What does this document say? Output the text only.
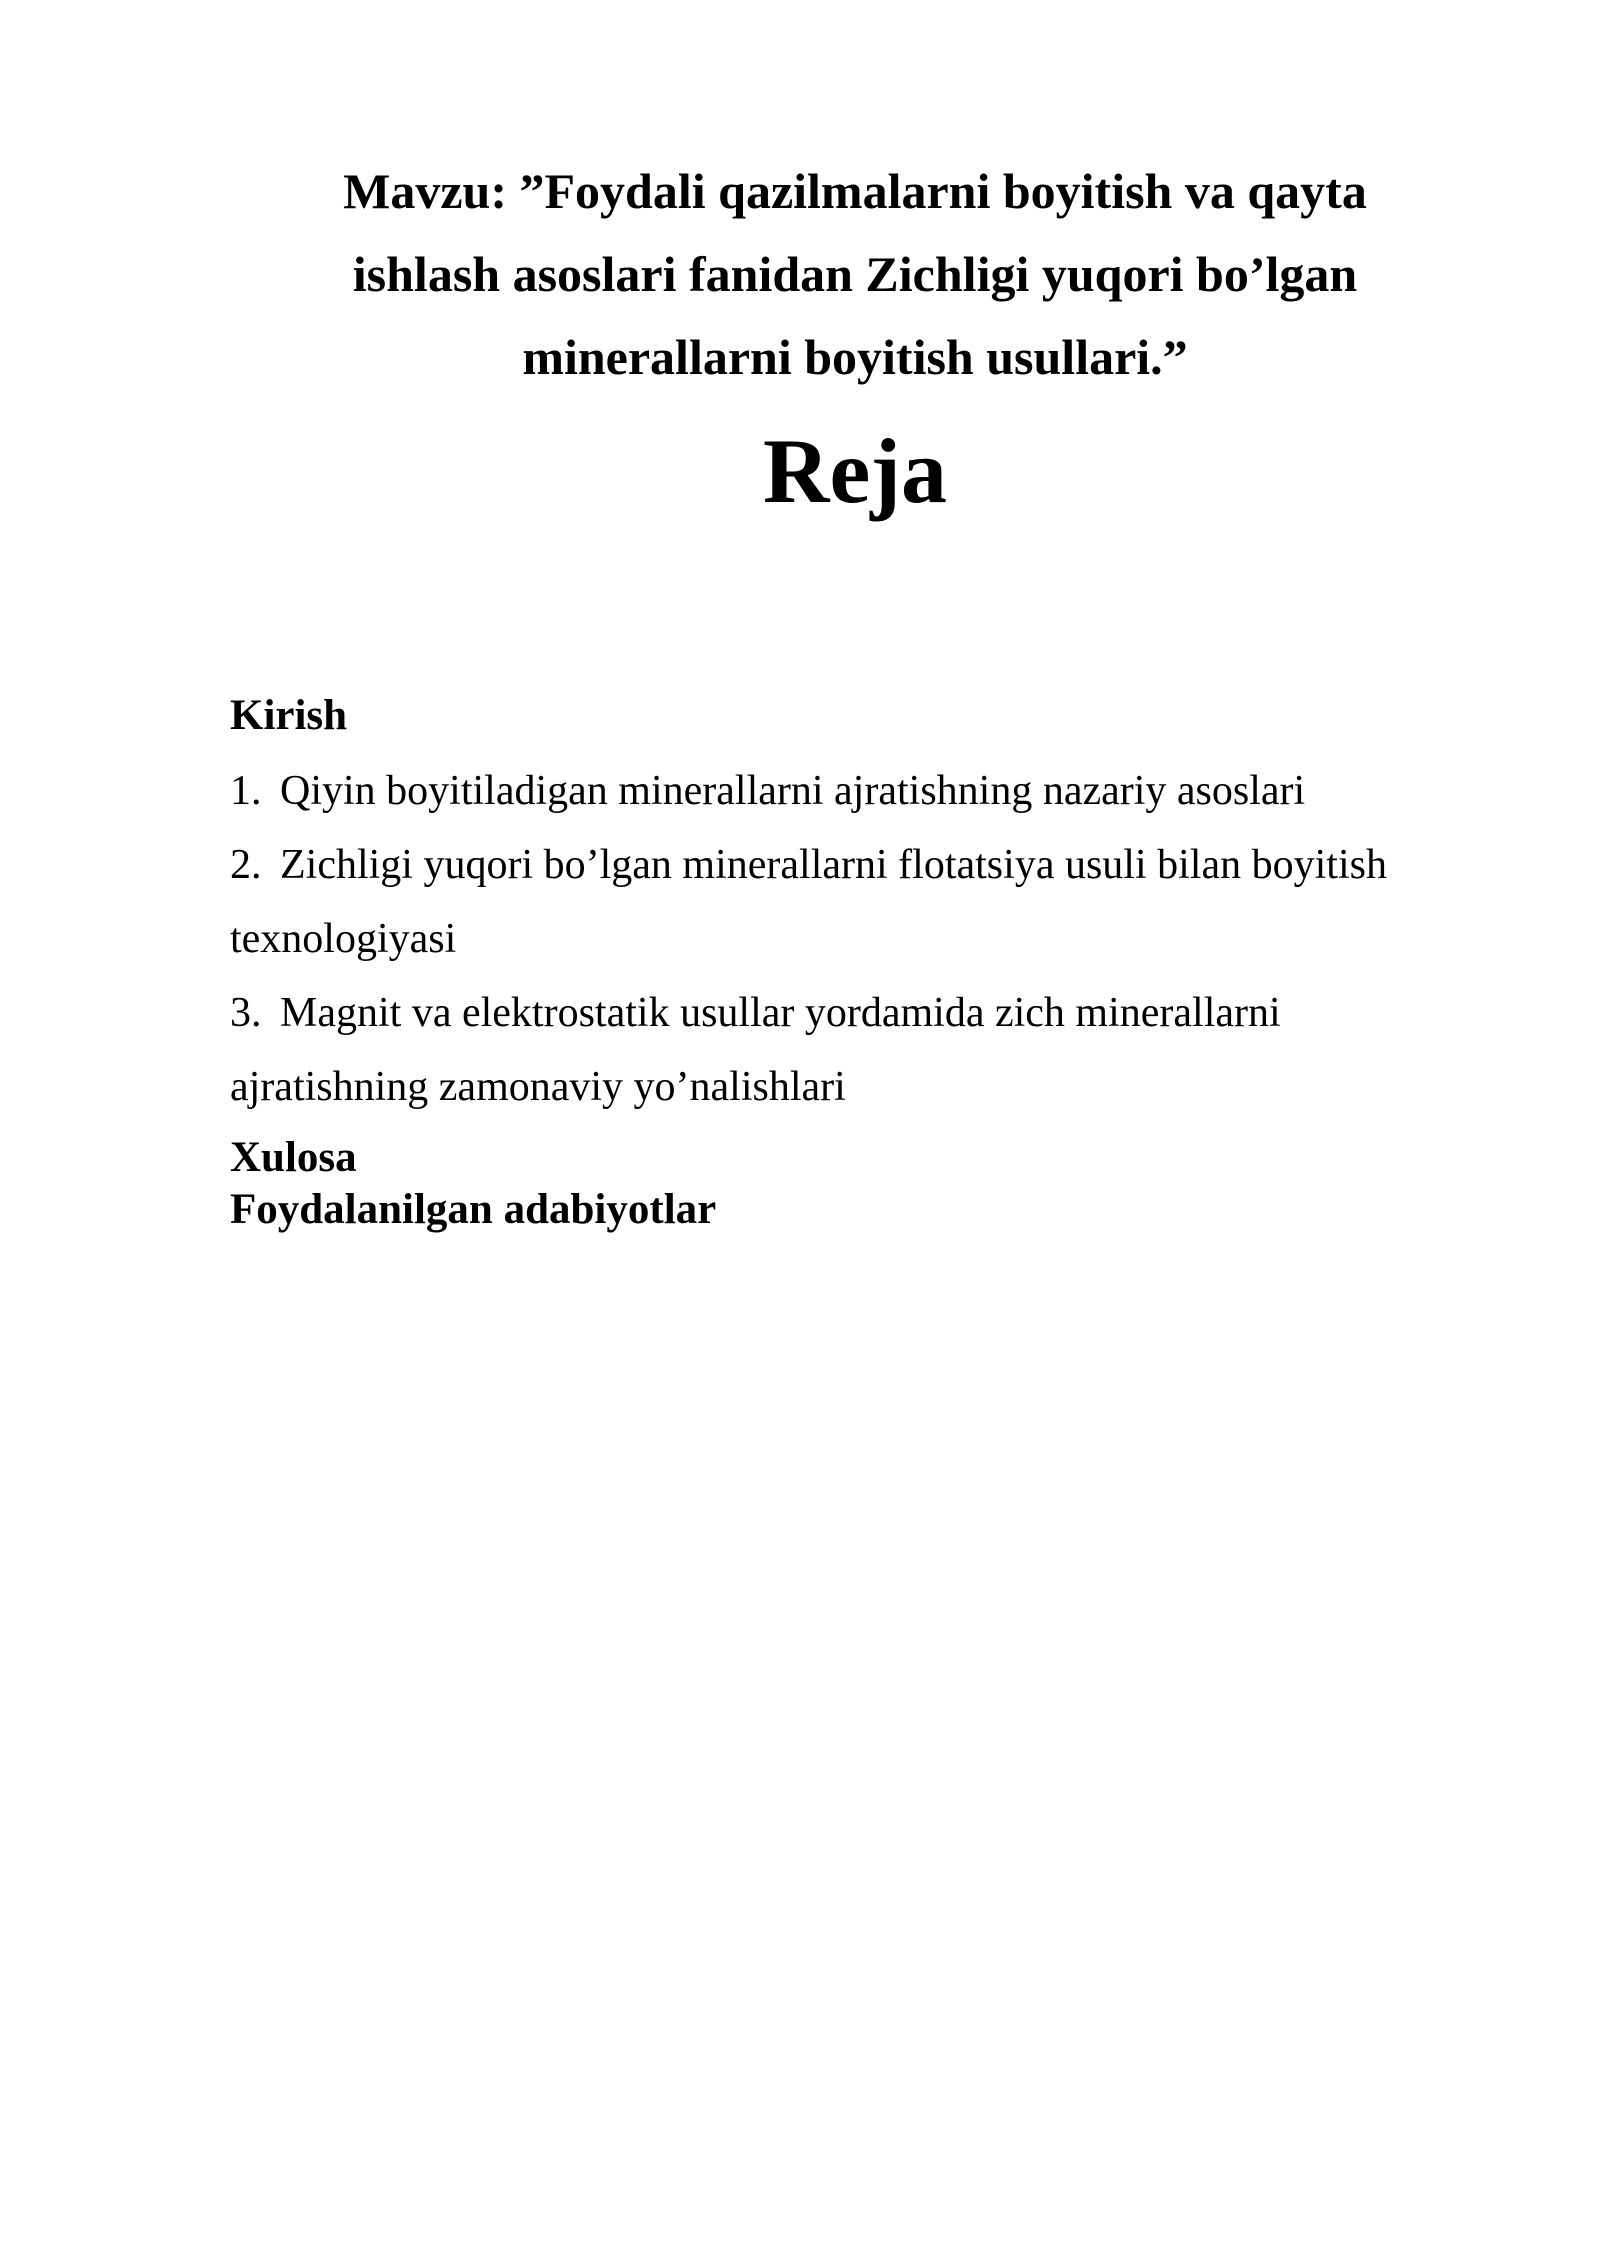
Mavzu: ”Foydali qazilmalarni boyitish va qayta
ishlash asoslari fanidan Zichligi yuqori bo’lgan
minerallarni boyitish usullari.”
Reja
Kirish
1. Qiyin boyitiladigan minerallarni ajratishning nazariy asoslari
2. Zichligi yuqori bo’lgan minerallarni flotatsiya usuli bilan boyitish texnologiyasi
3. Magnit va elektrostatik usullar yordamida zich minerallarni ajratishning zamonaviy yo’nalishlari
Xulosa
Foydalanilgan adabiyotlar
